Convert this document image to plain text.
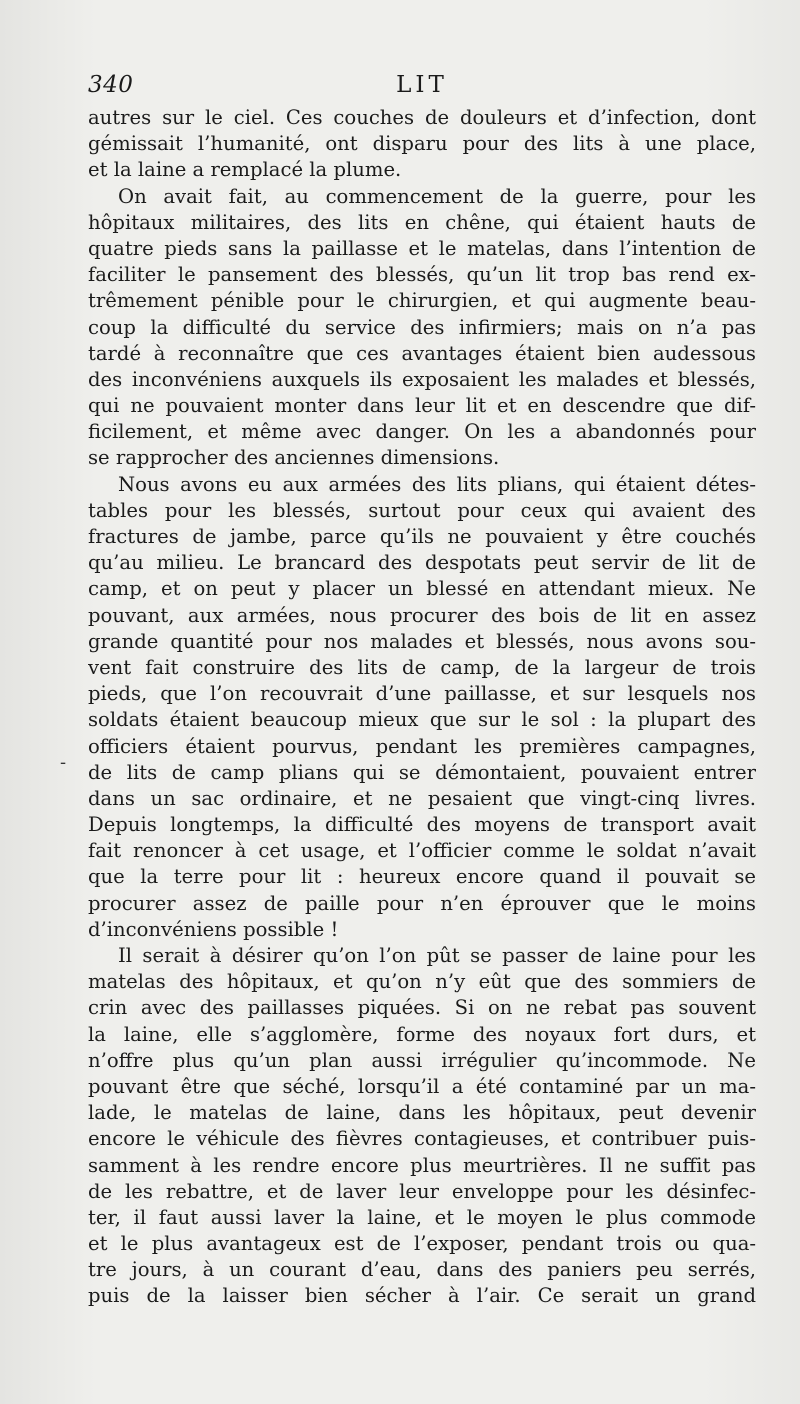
340	LIT
-
autres sur le ciel. Ces couches de douleurs et d’infection, dont
gémissait l’humanité, ont disparu pour des lits à une place,
et la laine a remplacé la plume.
On avait fait, au commencement de la guerre, pour les
hôpitaux militaires, des lits en chêne, qui étaient hauts de
quatre pieds sans la paillasse et le matelas, dans l’intention de
faciliter le pansement des blessés, qu’un lit trop bas rend ex-
trêmement pénible pour le chirurgien, et qui augmente beau-
coup la difficulté du service des infirmiers; mais on n’a pas
tardé à reconnaître que ces avantages étaient bien audessous
des inconvéniens auxquels ils exposaient les malades et blessés,
qui ne pouvaient monter dans leur lit et en descendre que dif-
ficilement, et même avec danger. On les a abandonnés pour
se rapprocher des anciennes dimensions.
Nous avons eu aux armées des lits plians, qui étaient détes-
tables pour les blessés, surtout pour ceux qui avaient des
fractures de jambe, parce qu’ils ne pouvaient y être couchés
qu’au milieu. Le brancard des despotats peut servir de lit de
camp, et on peut y placer un blessé en attendant mieux. Ne
pouvant, aux armées, nous procurer des bois de lit en assez
grande quantité pour nos malades et blessés, nous avons sou-
vent fait construire des lits de camp, de la largeur de trois
pieds, que l’on recouvrait d’une paillasse, et sur lesquels nos
soldats étaient beaucoup mieux que sur le sol : la plupart des
officiers étaient pourvus, pendant les premières campagnes,
de lits de camp plians qui se démontaient, pouvaient entrer
dans un sac ordinaire, et ne pesaient que vingt-cinq livres.
Depuis longtemps, la difficulté des moyens de transport avait
fait renoncer à cet usage, et l’officier comme le soldat n’avait
que la terre pour lit : heureux encore quand il pouvait se
procurer assez de paille pour n’en éprouver que le moins
d’inconvéniens possible !
Il serait à désirer qu’on l’on pût se passer de laine pour les
matelas des hôpitaux, et qu’on n’y eût que des sommiers de
crin avec des paillasses piquées. Si on ne rebat pas souvent
la laine, elle s’agglomère, forme des noyaux fort durs, et
n’offre plus qu’un plan aussi irrégulier qu’incommode. Ne
pouvant être que séché, lorsqu’il a été contaminé par un ma-
lade, le matelas de laine, dans les hôpitaux, peut devenir
encore le véhicule des fièvres contagieuses, et contribuer puis-
samment à les rendre encore plus meurtrières. Il ne suffit pas
de les rebattre, et de laver leur enveloppe pour les désinfec-
ter, il faut aussi laver la laine, et le moyen le plus commode
et le plus avantageux est de l’exposer, pendant trois ou qua-
tre jours, à un courant d’eau, dans des paniers peu serrés,
puis de la laisser bien sécher à l’air. Ce serait un grand
